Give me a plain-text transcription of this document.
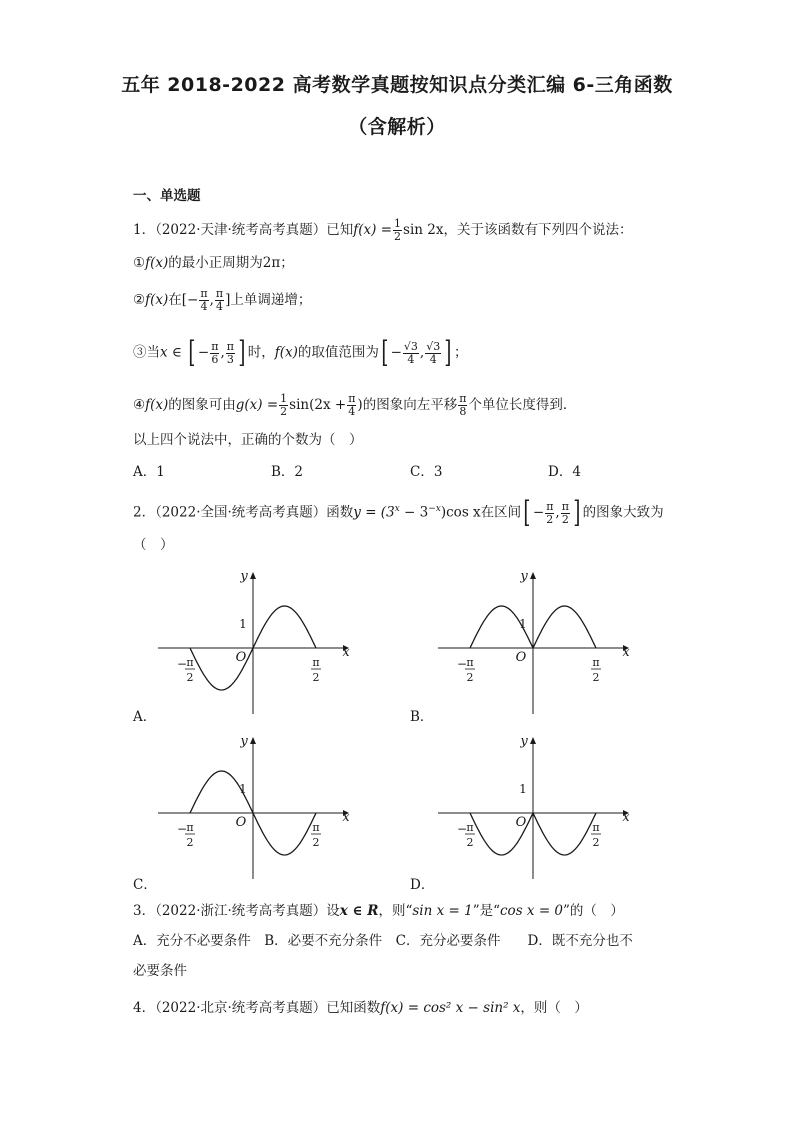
五年 2018-2022 高考数学真题按知识点分类汇编 6-三角函数
（含解析）
一、单选题
1．（2022·天津·统考高考真题）已知$f(x) = \frac{1}{2}$ sin 2x，关于该函数有下列四个说法：
①f(x)的最小正周期为2π；
②f(x)在[− $\frac{\pi}{4}$ , $\frac{\pi}{4}$ ]上单调递增；
③当x ∈ [ − $\frac{\pi}{6}$ , $\frac{\pi}{3}$ ] 时，f(x)的取值范围为[ − $\frac{√3}{4}$ , $\frac{√3}{4}$ ] ；
④f(x)的图象可由$g(x) = \frac{1}{2} \sin(2x + \frac{\pi}{4}$ )的图象向左平移 $\frac{\pi}{8}$ 个单位长度得到．
以上四个说法中，正确的个数为（　）
A．1	B．2	C．3	D．4
2．（2022·全国·统考高考真题）函数$y = (3^x - 3^{-x})\cos$ x在区间[ − $\frac{\pi}{2}$ , $\frac{\pi}{2}$ ] 的图象大致为
（　）
y
x
O
1
− π
2
π
2
y
x
O
1
− π
2
π
2
y
x
O
1
− π
2
π
2
y
x
O
1
− π
2
π
2
A．	B．
C．	D．
3．（2022·浙江·统考高考真题）设x ∈ R，则“sin x = 1”是“cos x = 0”的（　）
A．充分不必要条件　B．必要不充分条件　C．充分必要条件　　D．既不充分也不
必要条件
4．（2022·北京·统考高考真题）已知函数f(x) = cos² x − sin² x，则（　）
